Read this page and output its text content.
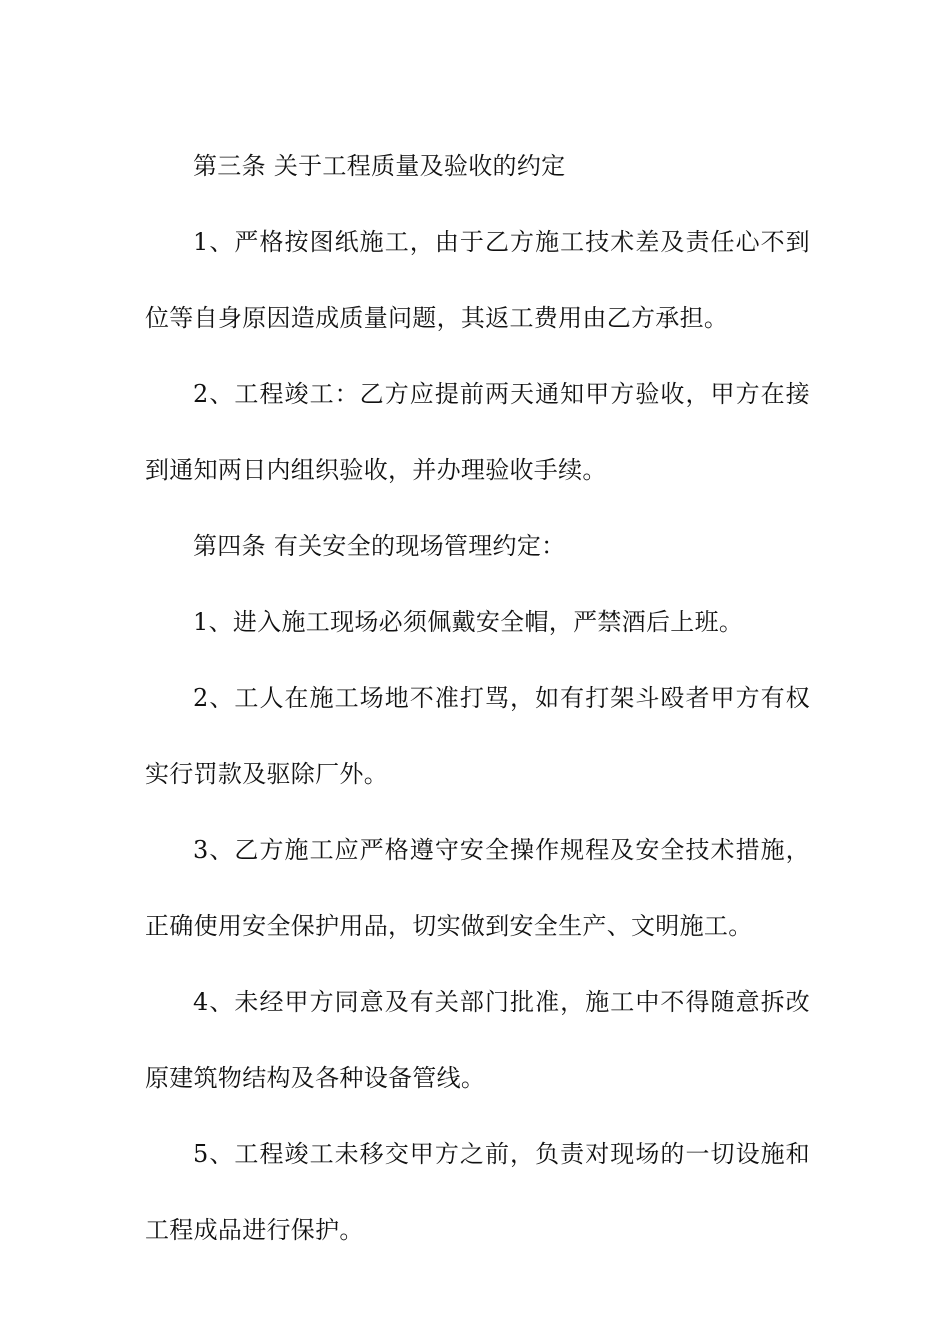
第三条 关于工程质量及验收的约定

1、严格按图纸施工，由于乙方施工技术差及责任心不到位等自身原因造成质量问题，其返工费用由乙方承担。

2、工程竣工：乙方应提前两天通知甲方验收，甲方在接到通知两日内组织验收，并办理验收手续。

第四条 有关安全的现场管理约定：

1、进入施工现场必须佩戴安全帽，严禁酒后上班。

2、工人在施工场地不准打骂，如有打架斗殴者甲方有权实行罚款及驱除厂外。

3、乙方施工应严格遵守安全操作规程及安全技术措施，正确使用安全保护用品，切实做到安全生产、文明施工。

4、未经甲方同意及有关部门批准，施工中不得随意拆改原建筑物结构及各种设备管线。

5、工程竣工未移交甲方之前，负责对现场的一切设施和工程成品进行保护。
